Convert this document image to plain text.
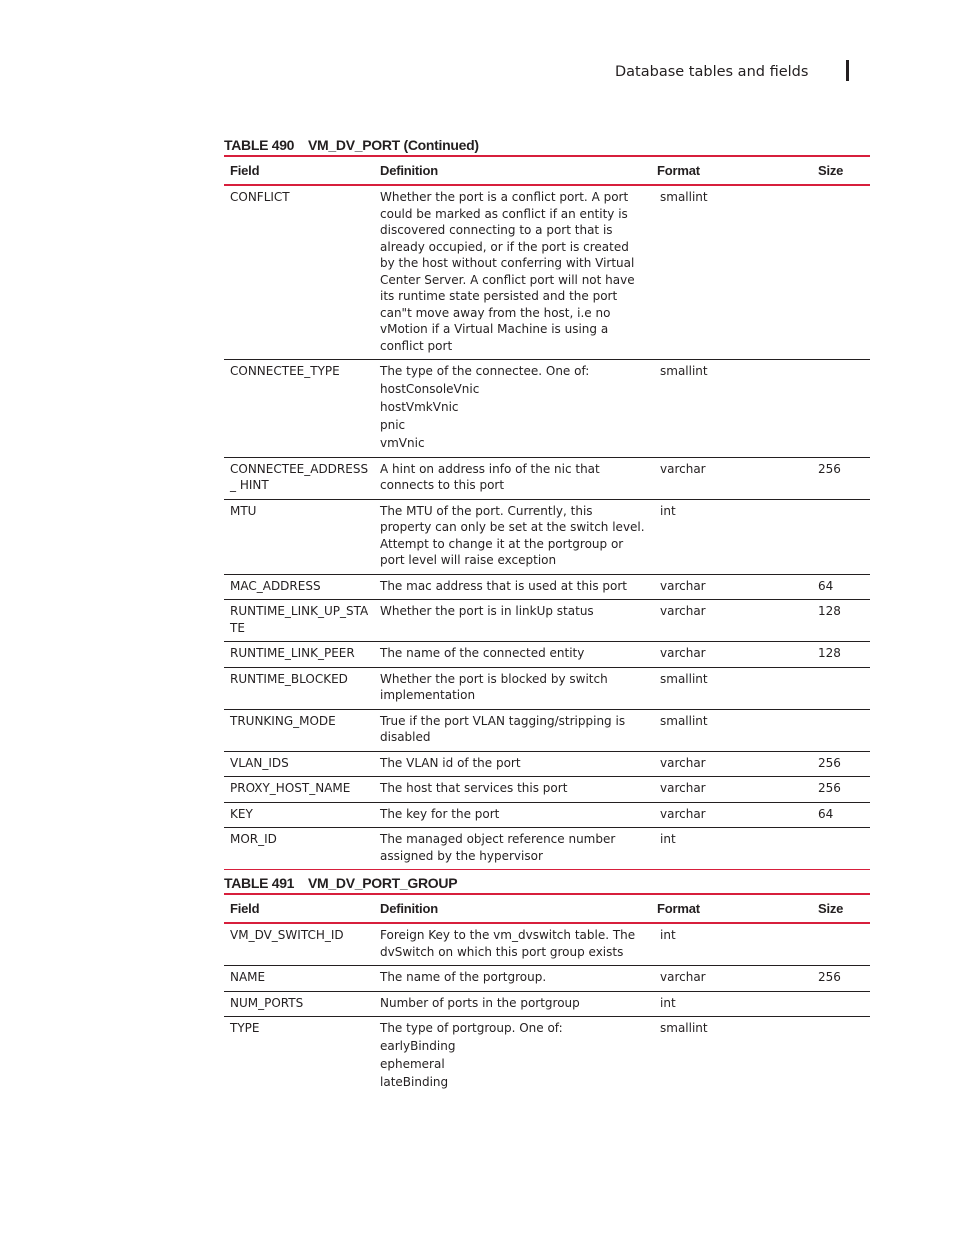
Database tables and fields
TABLE 490 VM_DV_PORT (Continued)
Field	Definition	Format	Size
CONFLICT	Whether the port is a conflict port. A port could be marked as conflict if an entity is discovered connecting to a port that is already occupied, or if the port is created by the host without conferring with Virtual Center Server. A conflict port will not have its runtime state persisted and the port can"t move away from the host, i.e no vMotion if a Virtual Machine is using a conflict port	smallint	
CONNECTEE_TYPE	The type of the connectee. One of:
hostConsoleVnic
hostVmkVnic
pnic
vmVnic	smallint	
CONNECTEE_ADDRESS_ HINT	A hint on address info of the nic that connects to this port	varchar	256
MTU	The MTU of the port. Currently, this property can only be set at the switch level. Attempt to change it at the portgroup or port level will raise exception	int	
MAC_ADDRESS	The mac address that is used at this port	varchar	64
RUNTIME_LINK_UP_STA TE	Whether the port is in linkUp status	varchar	128
RUNTIME_LINK_PEER	The name of the connected entity	varchar	128
RUNTIME_BLOCKED	Whether the port is blocked by switch implementation	smallint	
TRUNKING_MODE	True if the port VLAN tagging/stripping is disabled	smallint	
VLAN_IDS	The VLAN id of the port	varchar	256
PROXY_HOST_NAME	The host that services this port	varchar	256
KEY	The key for the port	varchar	64
MOR_ID	The managed object reference number assigned by the hypervisor	int	
TABLE 491 VM_DV_PORT_GROUP
Field	Definition	Format	Size
VM_DV_SWITCH_ID	Foreign Key to the vm_dvswitch table. The dvSwitch on which this port group exists	int	
NAME	The name of the portgroup.	varchar	256
NUM_PORTS	Number of ports in the portgroup	int	
TYPE	The type of portgroup. One of:
earlyBinding
ephemeral
lateBinding	smallint	
